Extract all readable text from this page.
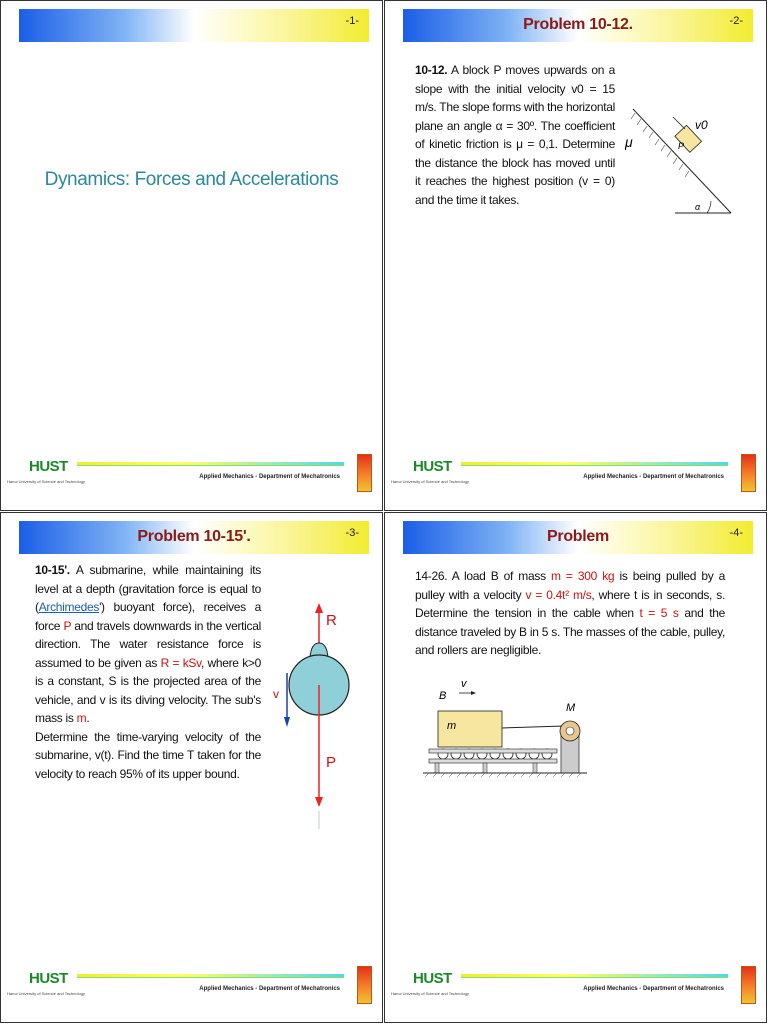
-1-
Dynamics: Forces and Accelerations
HUST
Hanoi University of Science and Technology
Applied Mechanics - Department of Mechatronics
Problem 10-12.	-2-
10-12. A block P moves upwards on a slope with the initial velocity v0 = 15 m/s. The slope forms with the horizontal plane an angle α = 30º. The coefficient of kinetic friction is μ = 0,1. Determine the distance the block has moved until it reaches the highest position (v = 0) and the time it takes.
α
P
v0
μ
HUST
Hanoi University of Science and Technology
Applied Mechanics - Department of Mechatronics
Problem 10-15'.	-3-
10-15'. A submarine, while maintaining its level at a depth (gravitation force is equal to (Archimedes') buoyant force), receives a force P and travels downwards in the vertical direction. The water resistance force is assumed to be given as R = kSv, where k>0 is a constant, S is the projected area of the vehicle, and v is its diving velocity. The sub's mass is m.
Determine the time-varying velocity of the submarine, v(t). Find the time T taken for the velocity to reach 95% of its upper bound.
R
v
P
HUST
Hanoi University of Science and Technology
Applied Mechanics - Department of Mechatronics
Problem	-4-
14-26. A load B of mass m = 300 kg is being pulled by a pulley with a velocity v = 0.4t² m/s, where t is in seconds, s. Determine the tension in the cable when t = 5 s and the distance traveled by B in 5 s. The masses of the cable, pulley, and rollers are negligible.
B
v
M
m
HUST
Hanoi University of Science and Technology
Applied Mechanics - Department of Mechatronics
